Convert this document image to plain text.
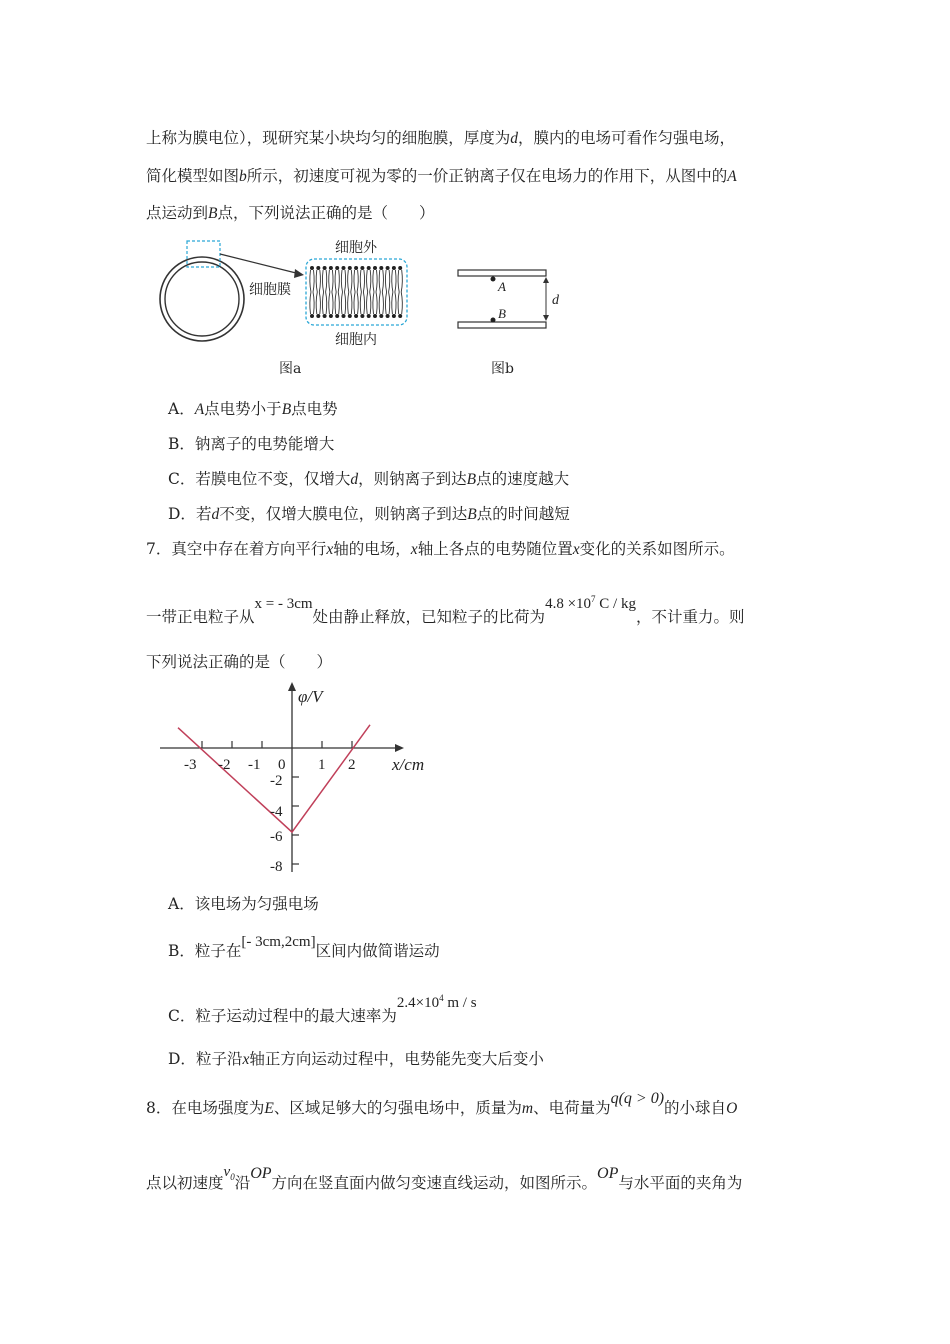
上称为膜电位），现研究某小块均匀的细胞膜，厚度为d，膜内的电场可看作匀强电场，
简化模型如图b所示，初速度可视为零的一价正钠离子仅在电场力的作用下，从图中的A
点运动到B点，下列说法正确的是（　　）
细胞外
细胞膜
细胞内
图a
A
B
d
图b
A．A点电势小于B点电势
B．钠离子的电势能增大
C．若膜电位不变，仅增大d，则钠离子到达B点的速度越大
D．若d不变，仅增大膜电位，则钠离子到达B点的时间越短
7．真空中存在着方向平行x轴的电场，x轴上各点的电势随位置x变化的关系如图所示。
一带正电粒子从x = - 3cm处由静止释放，已知粒子的比荷为$4.8 \times 10^7$ C / kg，不计重力。则
下列说法正确的是（　　）
φ/V
x/cm
-3 -2 -1 0 1 2
-2
-4
-6
-8
A．该电场为匀强电场
B．粒子在[- 3cm,2cm]区间内做简谐运动
C．粒子运动过程中的最大速率为$2.4\times 10^4$ m / s
D．粒子沿x轴正方向运动过程中，电势能先变大后变小
8．在电场强度为E、区域足够大的匀强电场中，质量为m、电荷量为q(q > 0)的小球自O
点以初速度$v_0$沿OP方向在竖直面内做匀变速直线运动，如图所示。OP与水平面的夹角为
